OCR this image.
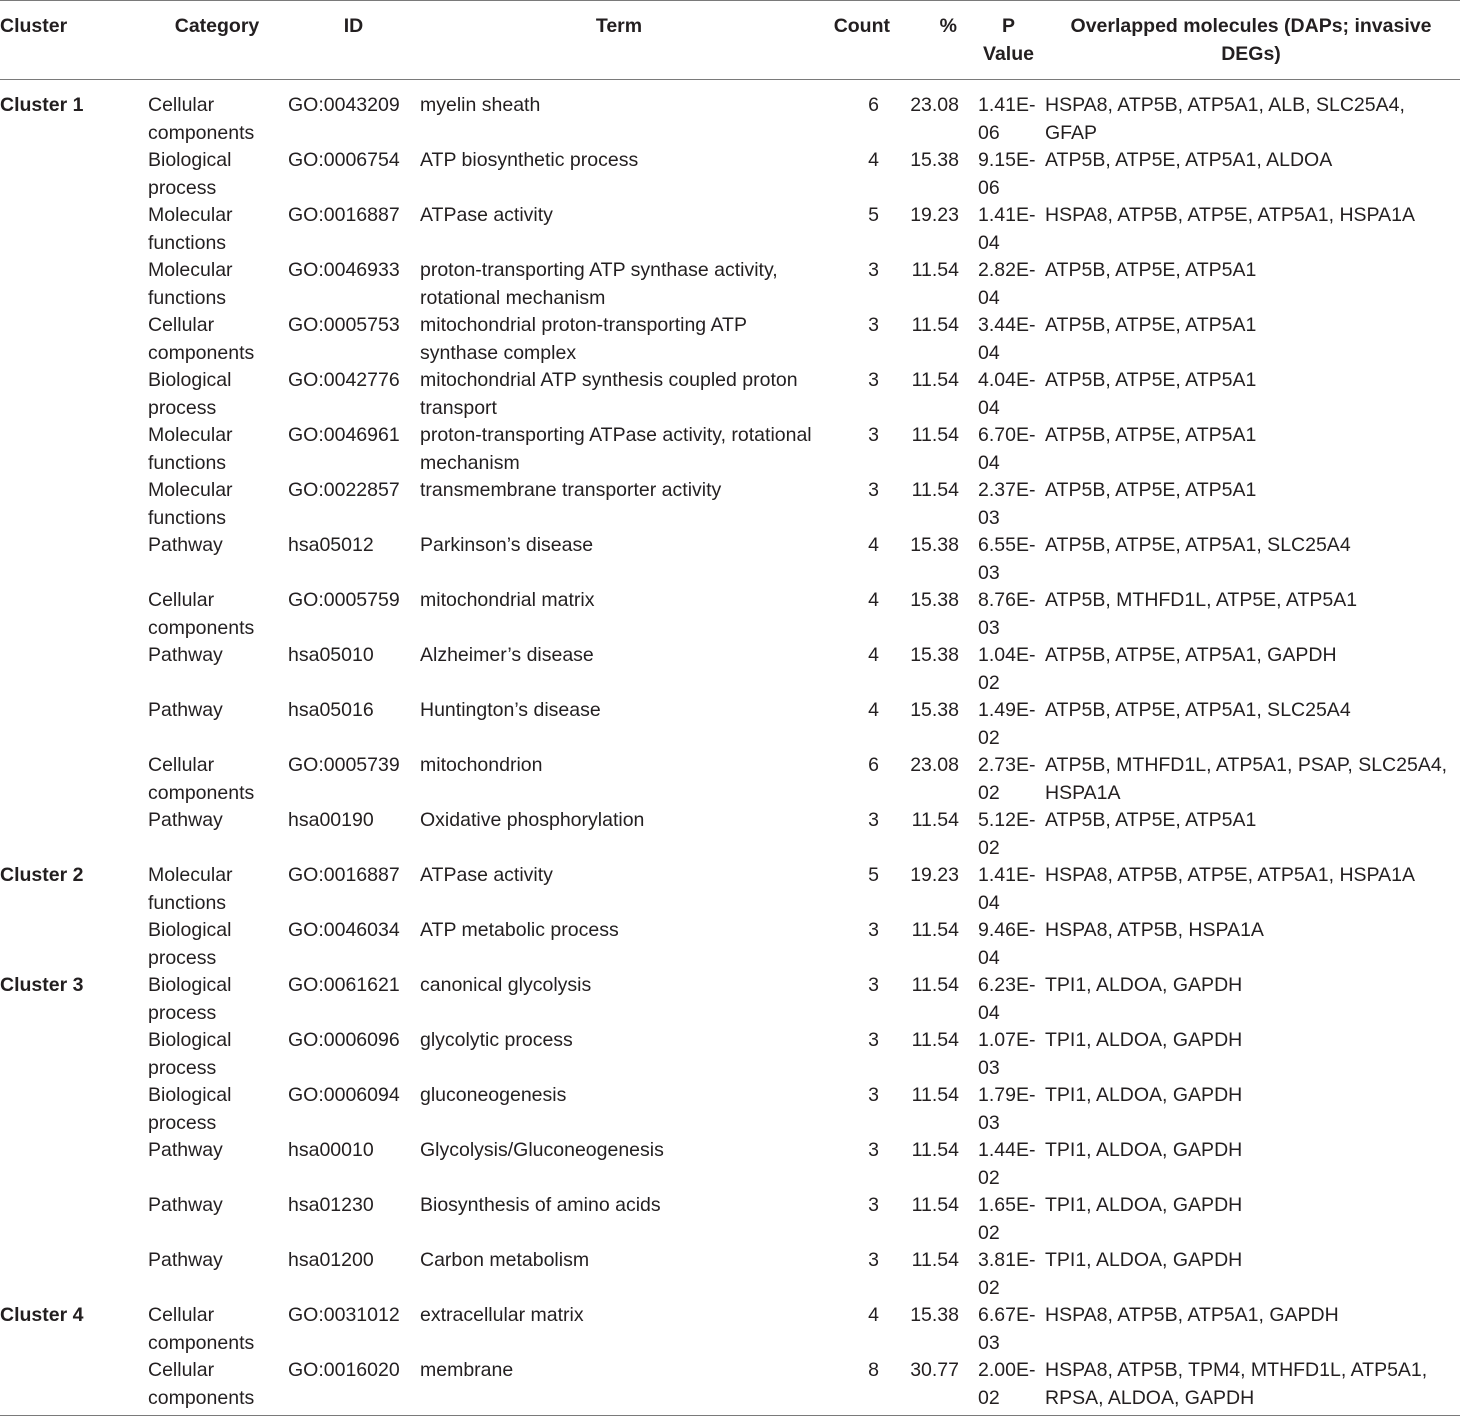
Cluster	Category	ID	Term	Count	%	P Value	Overlapped molecules (DAPs; invasive DEGs)
Cluster 1	Cellular components	GO:0043209	myelin sheath	6	23.08	1.41E-06	HSPA8, ATP5B, ATP5A1, ALB, SLC25A4, GFAP
	Biological process	GO:0006754	ATP biosynthetic process	4	15.38	9.15E-06	ATP5B, ATP5E, ATP5A1, ALDOA
	Molecular functions	GO:0016887	ATPase activity	5	19.23	1.41E-04	HSPA8, ATP5B, ATP5E, ATP5A1, HSPA1A
	Molecular functions	GO:0046933	proton-transporting ATP synthase activity, rotational mechanism	3	11.54	2.82E-04	ATP5B, ATP5E, ATP5A1
	Cellular components	GO:0005753	mitochondrial proton-transporting ATP synthase complex	3	11.54	3.44E-04	ATP5B, ATP5E, ATP5A1
	Biological process	GO:0042776	mitochondrial ATP synthesis coupled proton transport	3	11.54	4.04E-04	ATP5B, ATP5E, ATP5A1
	Molecular functions	GO:0046961	proton-transporting ATPase activity, rotational mechanism	3	11.54	6.70E-04	ATP5B, ATP5E, ATP5A1
	Molecular functions	GO:0022857	transmembrane transporter activity	3	11.54	2.37E-03	ATP5B, ATP5E, ATP5A1
	Pathway	hsa05012	Parkinson’s disease	4	15.38	6.55E-03	ATP5B, ATP5E, ATP5A1, SLC25A4
	Cellular components	GO:0005759	mitochondrial matrix	4	15.38	8.76E-03	ATP5B, MTHFD1L, ATP5E, ATP5A1
	Pathway	hsa05010	Alzheimer’s disease	4	15.38	1.04E-02	ATP5B, ATP5E, ATP5A1, GAPDH
	Pathway	hsa05016	Huntington’s disease	4	15.38	1.49E-02	ATP5B, ATP5E, ATP5A1, SLC25A4
	Cellular components	GO:0005739	mitochondrion	6	23.08	2.73E-02	ATP5B, MTHFD1L, ATP5A1, PSAP, SLC25A4, HSPA1A
	Pathway	hsa00190	Oxidative phosphorylation	3	11.54	5.12E-02	ATP5B, ATP5E, ATP5A1
Cluster 2	Molecular functions	GO:0016887	ATPase activity	5	19.23	1.41E-04	HSPA8, ATP5B, ATP5E, ATP5A1, HSPA1A
	Biological process	GO:0046034	ATP metabolic process	3	11.54	9.46E-04	HSPA8, ATP5B, HSPA1A
Cluster 3	Biological process	GO:0061621	canonical glycolysis	3	11.54	6.23E-04	TPI1, ALDOA, GAPDH
	Biological process	GO:0006096	glycolytic process	3	11.54	1.07E-03	TPI1, ALDOA, GAPDH
	Biological process	GO:0006094	gluconeogenesis	3	11.54	1.79E-03	TPI1, ALDOA, GAPDH
	Pathway	hsa00010	Glycolysis/Gluconeogenesis	3	11.54	1.44E-02	TPI1, ALDOA, GAPDH
	Pathway	hsa01230	Biosynthesis of amino acids	3	11.54	1.65E-02	TPI1, ALDOA, GAPDH
	Pathway	hsa01200	Carbon metabolism	3	11.54	3.81E-02	TPI1, ALDOA, GAPDH
Cluster 4	Cellular components	GO:0031012	extracellular matrix	4	15.38	6.67E-03	HSPA8, ATP5B, ATP5A1, GAPDH
	Cellular components	GO:0016020	membrane	8	30.77	2.00E-02	HSPA8, ATP5B, TPM4, MTHFD1L, ATP5A1, RPSA, ALDOA, GAPDH
